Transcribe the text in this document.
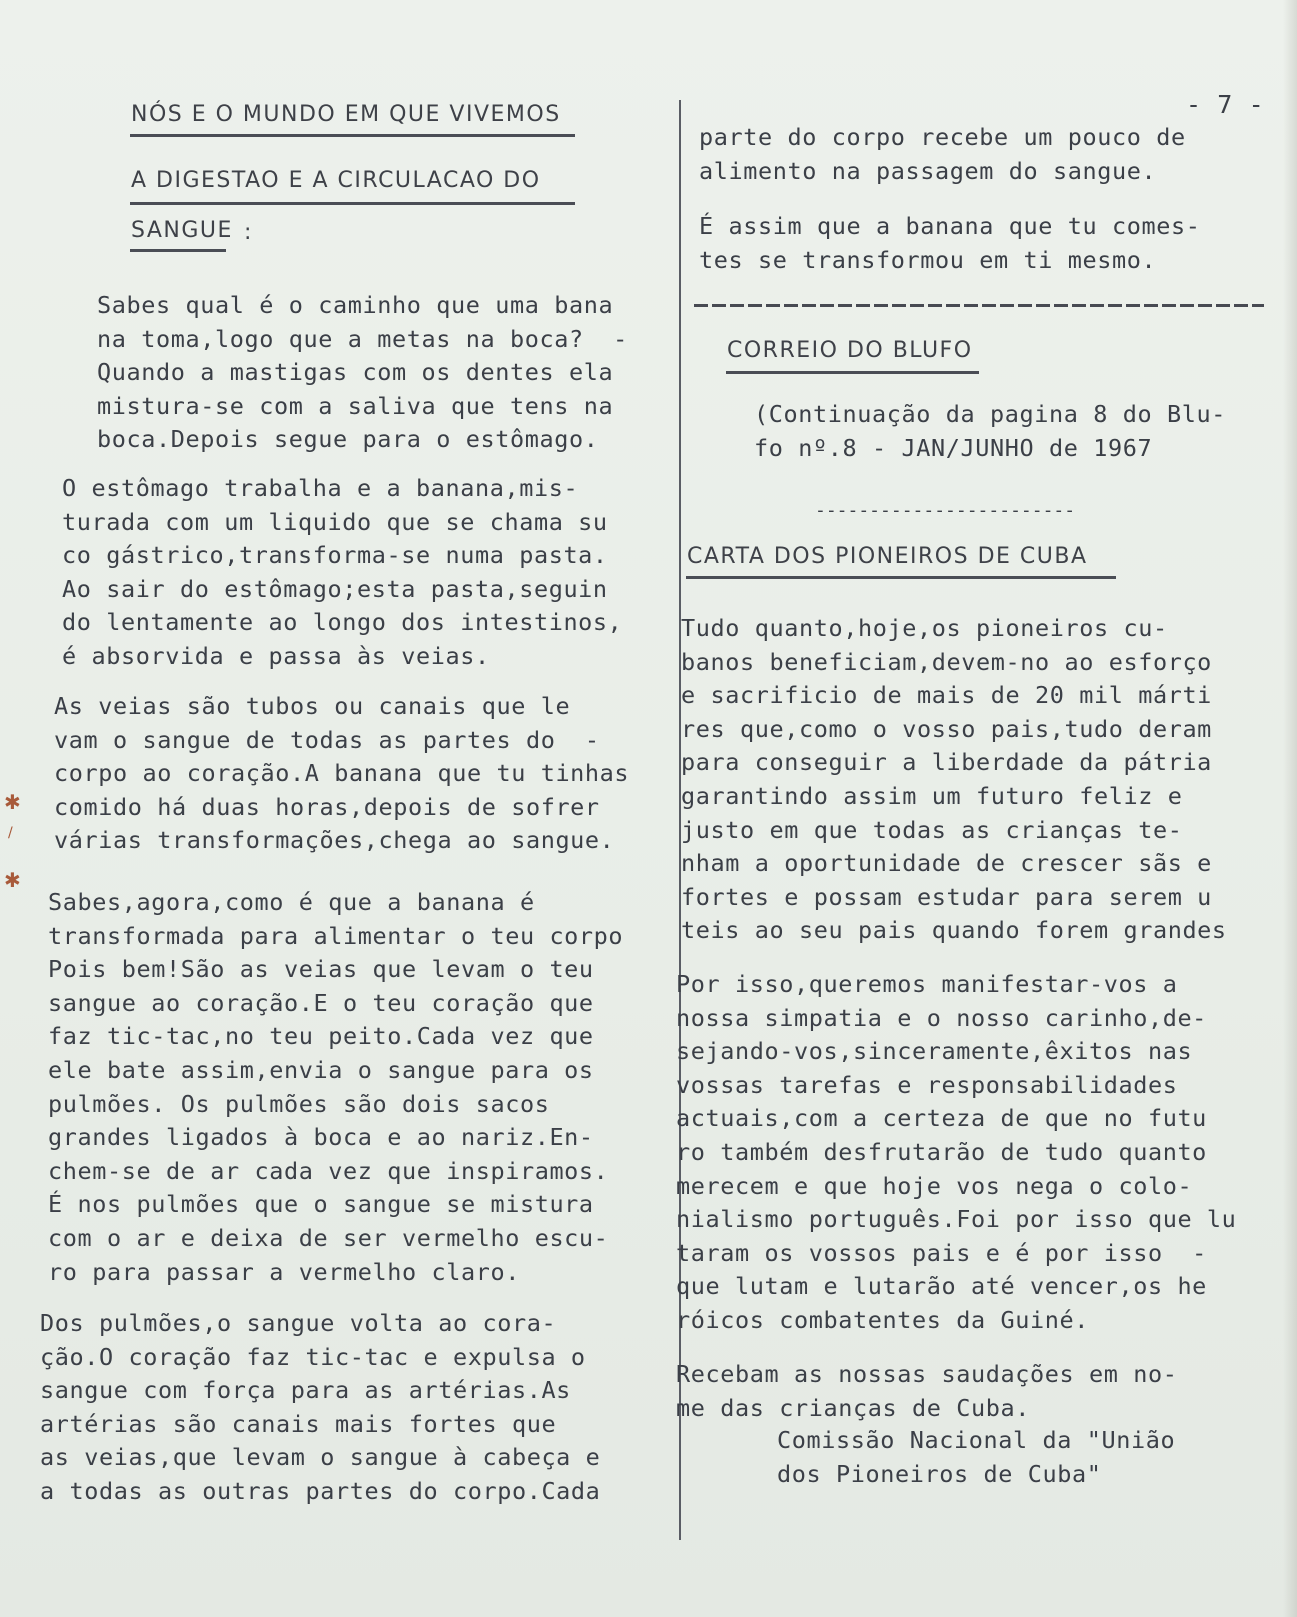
- 7 -
NÓS E O MUNDO EM QUE VIVEMOS
A DIGESTAO E A CIRCULACAO DO
SANGUE :
Sabes qual é o caminho que uma bana
na toma,logo que a metas na boca?  -
Quando a mastigas com os dentes ela
mistura-se com a saliva que tens na
boca.Depois segue para o estômago.
O estômago trabalha e a banana,mis-
turada com um liquido que se chama su
co gástrico,transforma-se numa pasta.
Ao sair do estômago;esta pasta,seguin
do lentamente ao longo dos intestinos,
é absorvida e passa às veias.
As veias são tubos ou canais que le
vam o sangue de todas as partes do  -
corpo ao coração.A banana que tu tinhas
comido há duas horas,depois de sofrer
várias transformações,chega ao sangue.
Sabes,agora,como é que a banana é
transformada para alimentar o teu corpo
Pois bem!São as veias que levam o teu
sangue ao coração.E o teu coração que
faz tic-tac,no teu peito.Cada vez que
ele bate assim,envia o sangue para os
pulmões. Os pulmões são dois sacos
grandes ligados à boca e ao nariz.En-
chem-se de ar cada vez que inspiramos.
É nos pulmões que o sangue se mistura
com o ar e deixa de ser vermelho escu-
ro para passar a vermelho claro.
Dos pulmões,o sangue volta ao cora-
ção.O coração faz tic-tac e expulsa o
sangue com força para as artérias.As
artérias são canais mais fortes que
as veias,que levam o sangue à cabeça e
a todas as outras partes do corpo.Cada
✱
/
✱
parte do corpo recebe um pouco de
alimento na passagem do sangue.
É assim que a banana que tu comes-
tes se transformou em ti mesmo.
CORREIO DO BLUFO
(Continuação da pagina 8 do Blu-
fo nº.8 - JAN/JUNHO de 1967
------------------------
CARTA DOS PIONEIROS DE CUBA
Tudo quanto,hoje,os pioneiros cu-
banos beneficiam,devem-no ao esforço
e sacrificio de mais de 20 mil márti
res que,como o vosso pais,tudo deram
para conseguir a liberdade da pátria
garantindo assim um futuro feliz e
justo em que todas as crianças te-
nham a oportunidade de crescer sãs e
fortes e possam estudar para serem u
teis ao seu pais quando forem grandes
Por isso,queremos manifestar-vos a
nossa simpatia e o nosso carinho,de-
sejando-vos,sinceramente,êxitos nas
vossas tarefas e responsabilidades
actuais,com a certeza de que no futu
ro também desfrutarão de tudo quanto
merecem e que hoje vos nega o colo-
nialismo português.Foi por isso que lu
taram os vossos pais e é por isso  -
que lutam e lutarão até vencer,os he
róicos combatentes da Guiné.
Recebam as nossas saudações em no-
me das crianças de Cuba.
Comissão Nacional da "União
dos Pioneiros de Cuba"
